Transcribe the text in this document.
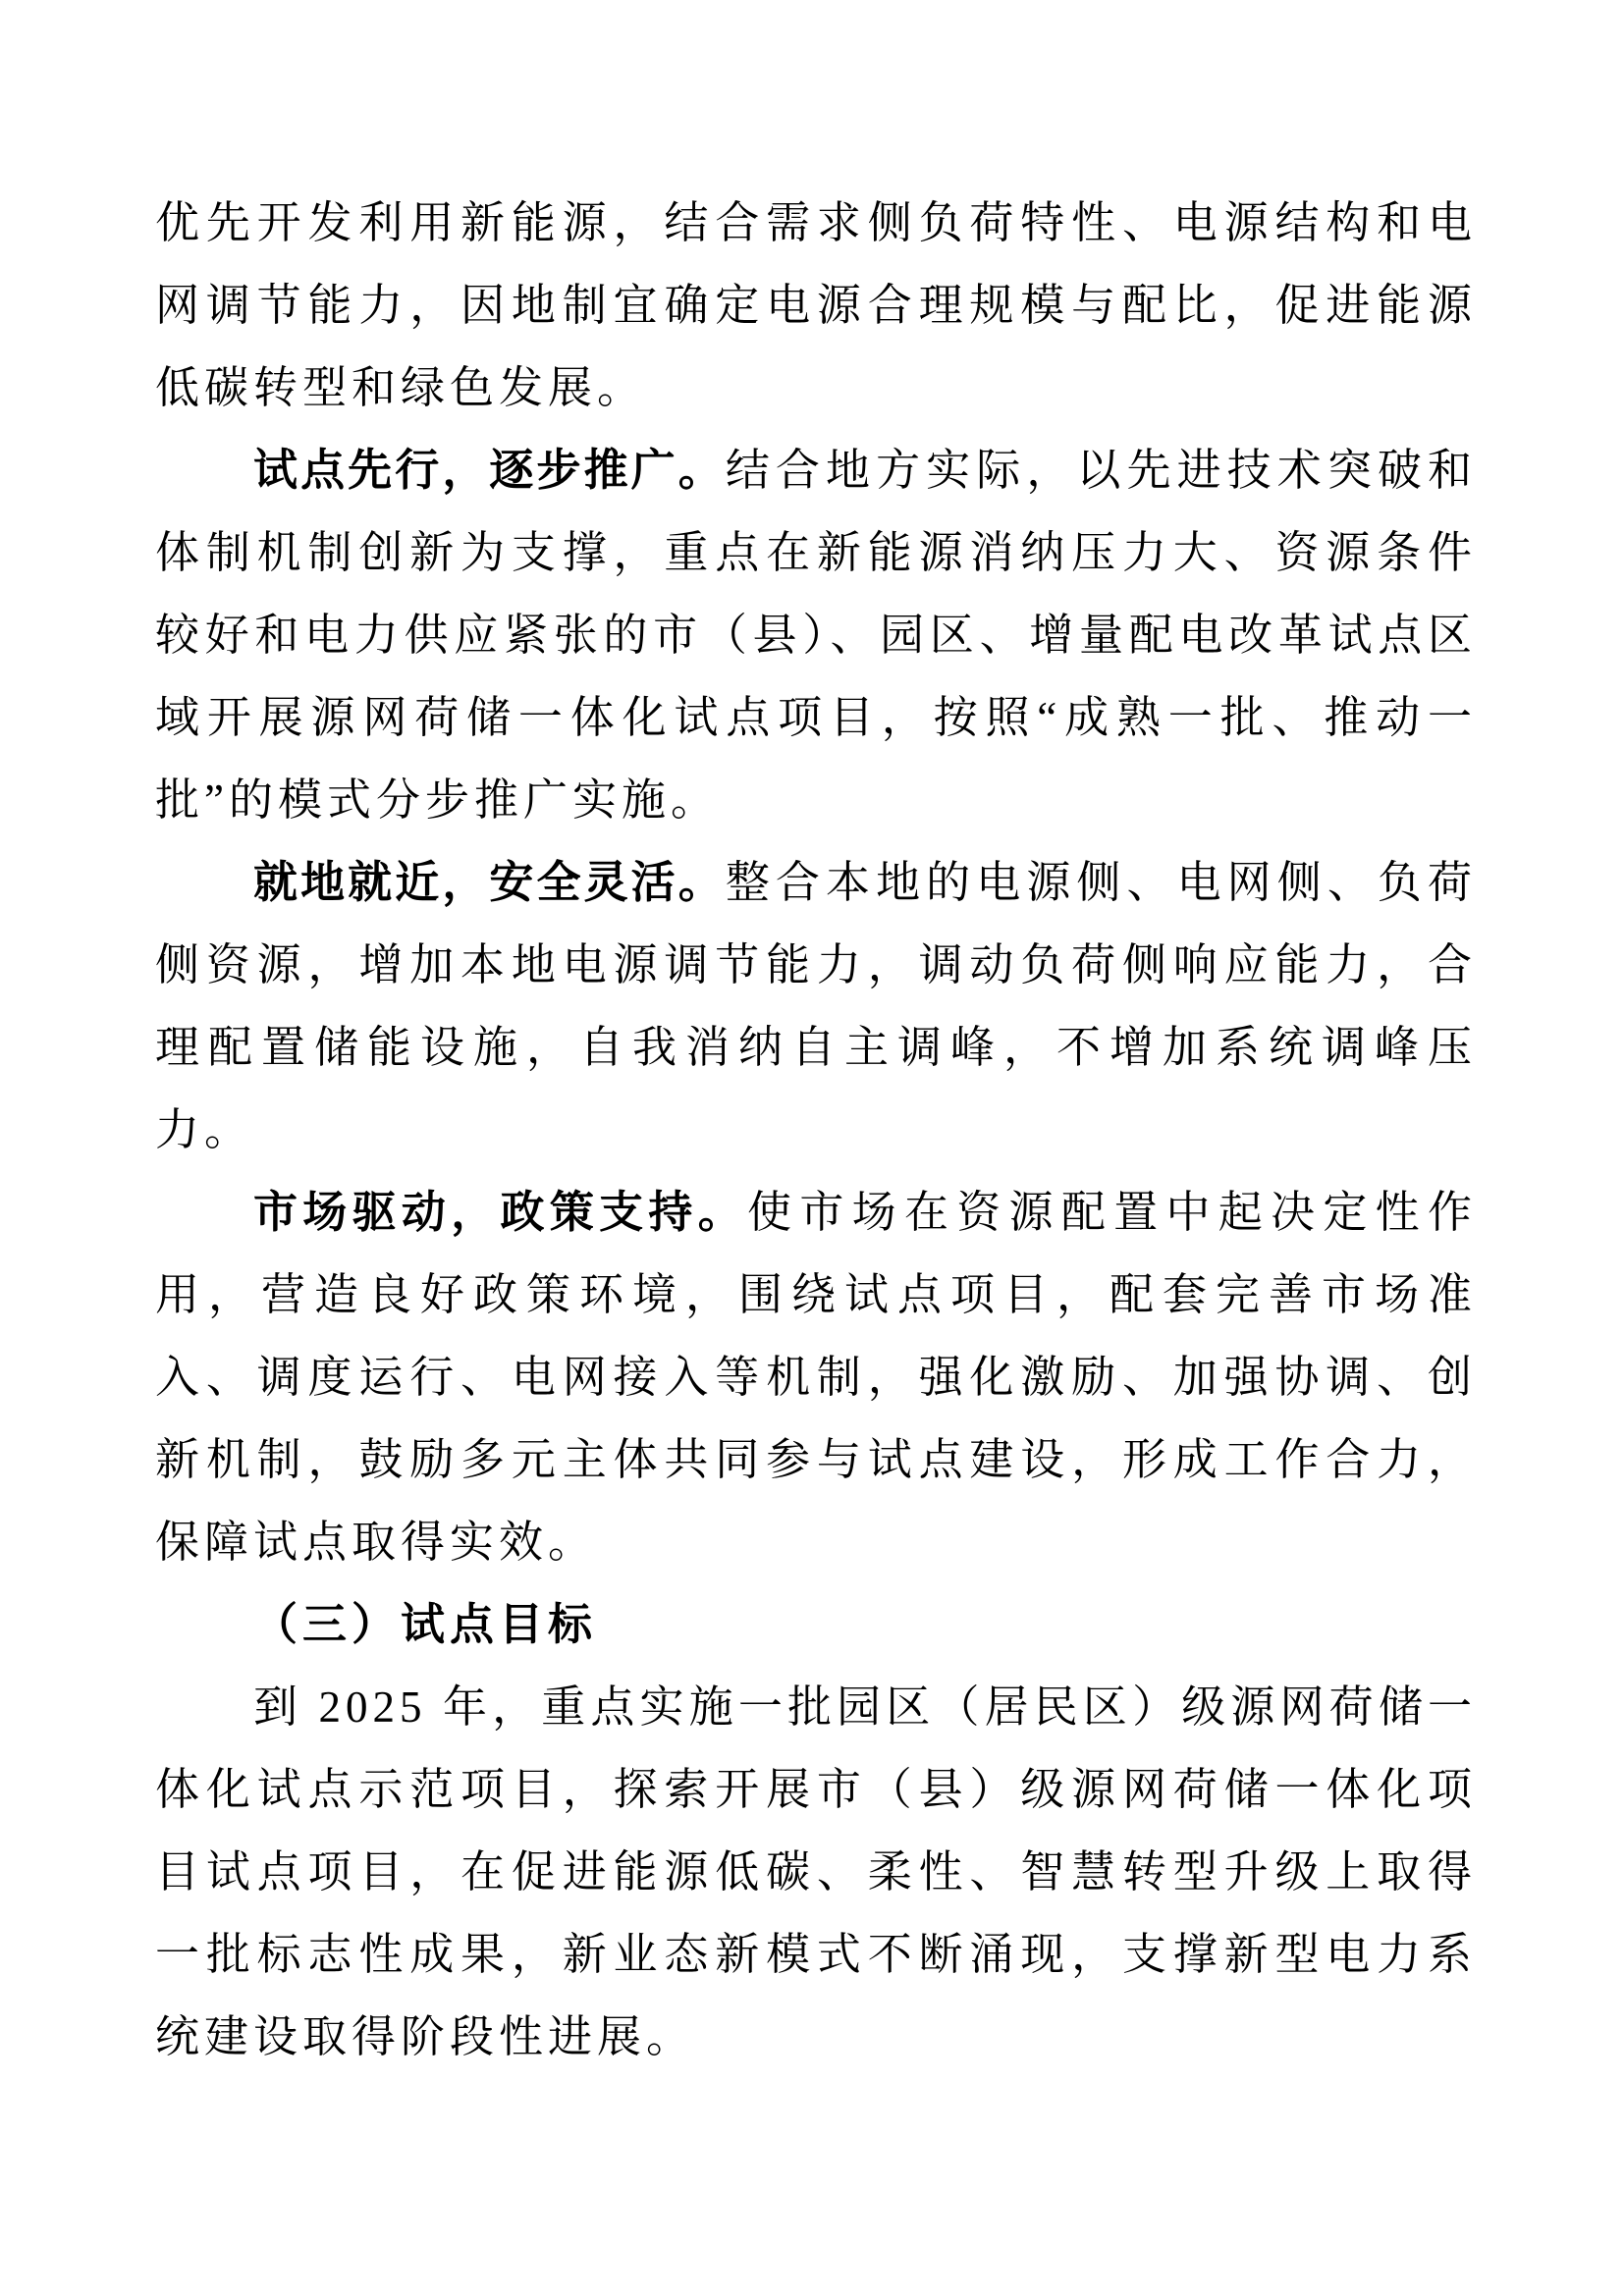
优先开发利用新能源，结合需求侧负荷特性、电源结构和电网调节能力，因地制宜确定电源合理规模与配比，促进能源低碳转型和绿色发展。

试点先行，逐步推广。结合地方实际，以先进技术突破和体制机制创新为支撑，重点在新能源消纳压力大、资源条件较好和电力供应紧张的市（县）、园区、增量配电改革试点区域开展源网荷储一体化试点项目，按照“成熟一批、推动一批”的模式分步推广实施。

就地就近，安全灵活。整合本地的电源侧、电网侧、负荷侧资源，增加本地电源调节能力，调动负荷侧响应能力，合理配置储能设施，自我消纳自主调峰，不增加系统调峰压力。

市场驱动，政策支持。使市场在资源配置中起决定性作用，营造良好政策环境，围绕试点项目，配套完善市场准入、调度运行、电网接入等机制，强化激励、加强协调、创新机制，鼓励多元主体共同参与试点建设，形成工作合力，保障试点取得实效。

（三）试点目标

到 2025 年，重点实施一批园区（居民区）级源网荷储一体化试点示范项目，探索开展市（县）级源网荷储一体化项目试点项目，在促进能源低碳、柔性、智慧转型升级上取得一批标志性成果，新业态新模式不断涌现，支撑新型电力系统建设取得阶段性进展。
